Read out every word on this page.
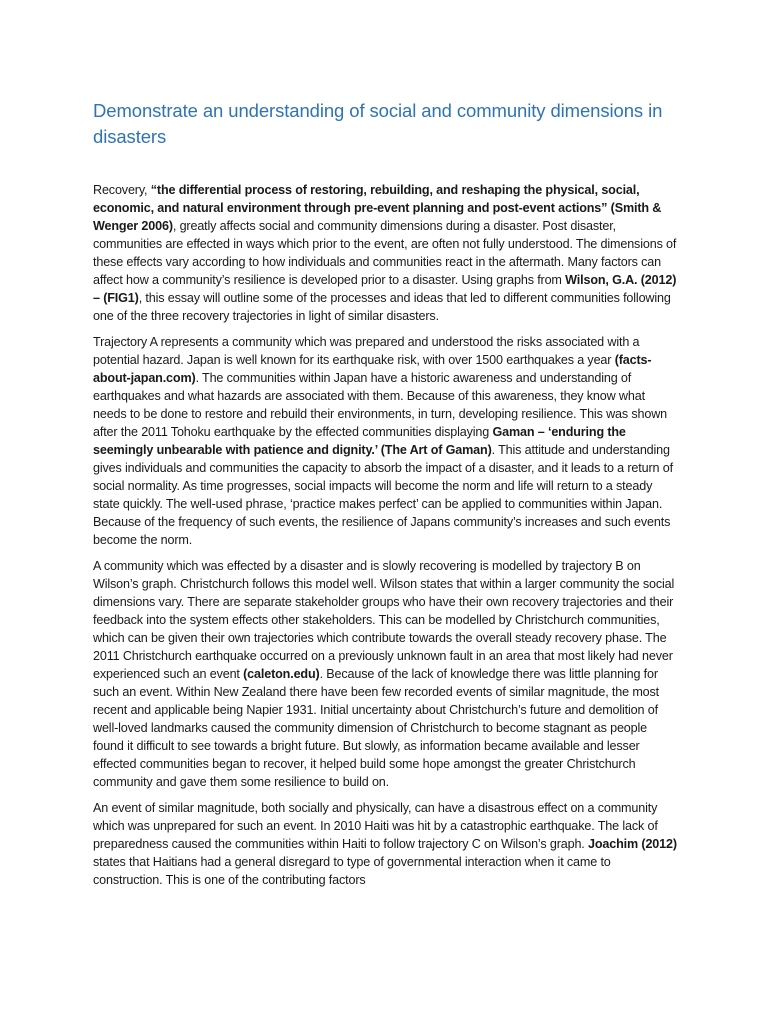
Demonstrate an understanding of social and community dimensions in disasters

Recovery, “the differential process of restoring, rebuilding, and reshaping the physical, social, economic, and natural environment through pre-event planning and post-event actions” (Smith & Wenger 2006), greatly affects social and community dimensions during a disaster. Post disaster, communities are effected in ways which prior to the event, are often not fully understood. The dimensions of these effects vary according to how individuals and communities react in the aftermath. Many factors can affect how a community’s resilience is developed prior to a disaster. Using graphs from Wilson, G.A. (2012) – (FIG1), this essay will outline some of the processes and ideas that led to different communities following one of the three recovery trajectories in light of similar disasters.

Trajectory A represents a community which was prepared and understood the risks associated with a potential hazard. Japan is well known for its earthquake risk, with over 1500 earthquakes a year (facts-about-japan.com). The communities within Japan have a historic awareness and understanding of earthquakes and what hazards are associated with them. Because of this awareness, they know what needs to be done to restore and rebuild their environments, in turn, developing resilience. This was shown after the 2011 Tohoku earthquake by the effected communities displaying Gaman – ‘enduring the seemingly unbearable with patience and dignity.’ (The Art of Gaman). This attitude and understanding gives individuals and communities the capacity to absorb the impact of a disaster, and it leads to a return of social normality. As time progresses, social impacts will become the norm and life will return to a steady state quickly. The well-used phrase, ‘practice makes perfect’ can be applied to communities within Japan. Because of the frequency of such events, the resilience of Japans community’s increases and such events become the norm.

A community which was effected by a disaster and is slowly recovering is modelled by trajectory B on Wilson’s graph. Christchurch follows this model well. Wilson states that within a larger community the social dimensions vary. There are separate stakeholder groups who have their own recovery trajectories and their feedback into the system effects other stakeholders. This can be modelled by Christchurch communities, which can be given their own trajectories which contribute towards the overall steady recovery phase. The 2011 Christchurch earthquake occurred on a previously unknown fault in an area that most likely had never experienced such an event (caleton.edu). Because of the lack of knowledge there was little planning for such an event. Within New Zealand there have been few recorded events of similar magnitude, the most recent and applicable being Napier 1931. Initial uncertainty about Christchurch’s future and demolition of well-loved landmarks caused the community dimension of Christchurch to become stagnant as people found it difficult to see towards a bright future. But slowly, as information became available and lesser effected communities began to recover, it helped build some hope amongst the greater Christchurch community and gave them some resilience to build on.

An event of similar magnitude, both socially and physically, can have a disastrous effect on a community which was unprepared for such an event. In 2010 Haiti was hit by a catastrophic earthquake. The lack of preparedness caused the communities within Haiti to follow trajectory C on Wilson’s graph. Joachim (2012) states that Haitians had a general disregard to type of governmental interaction when it came to construction. This is one of the contributing factors
